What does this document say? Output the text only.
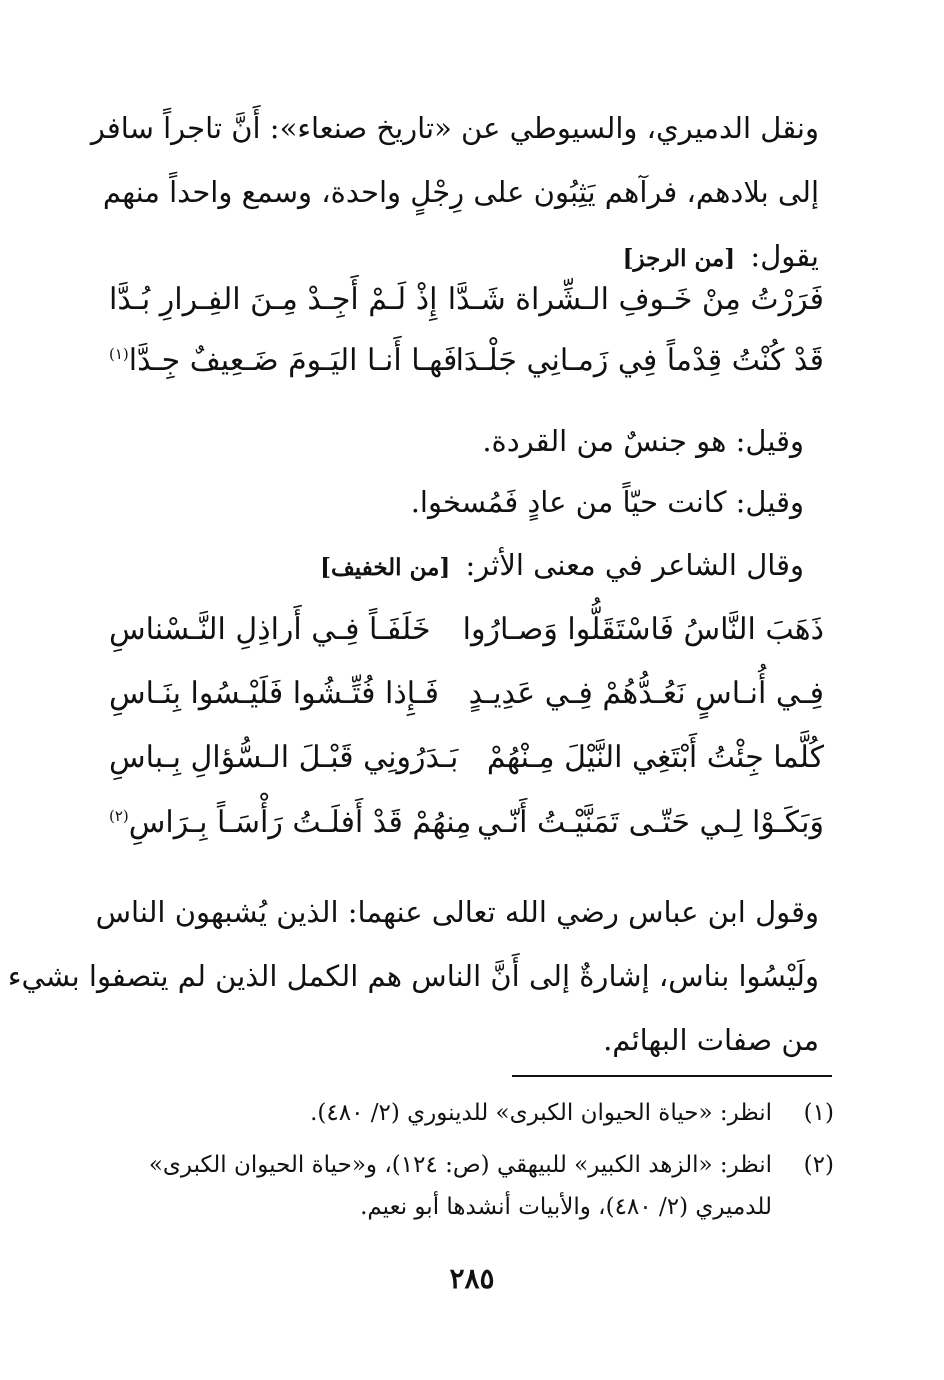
ونقل الدميري، والسيوطي عن «تاريخ صنعاء»: أَنَّ تاجراً سافر
إلى بلادهم، فرآهم يَثِبُون على رِجْلٍ واحدة، وسمع واحداً منهم
يقول: [من الرجز]
فَرَرْتُ مِنْ خَـوفِ الـشِّراة شَـدَّا
إِذْ لَـمْ أَجِـدْ مِـنَ الفِـرارِ بُـدَّا
قَدْ كُنْتُ قِدْماً فِي زَمـانِي جَلْـدَا
فَهـا أَنـا اليَـومَ ضَـعِيفٌ جِـدَّا$^{(١)}$
وقيل: هو جنسٌ من القردة.
وقيل: كانت حيّاً من عادٍ فَمُسخوا.
وقال الشاعر في معنى الأثر: [من الخفيف]
ذَهَبَ النَّاسُ فَاسْتَقَلُّوا وَصـارُوا
خَلَفَـاً فِـي أَراذِلِ النَّـسْناسِ
فِـي أُنـاسٍ نَعُـدُّهُمْ فِـي عَدِيـدٍ
فَـإِذا فُتِّـشُوا فَلَيْـسُوا بِنَـاسِ
كُلَّما جِئْتُ أَبْتَغِي النَّيْلَ مِـنْهُمْ
بَـدَرُونِي قَبْـلَ الـسُّؤالِ بِـباسِ
وَبَكَـوْا لِـي حَتّـى تَمَنَّيْـتُ أَنّـي
مِنهُمْ قَدْ أَفلَـتُ رَأْسَـاً بِـرَاسِ$^{(٢)}$
وقول ابن عباس رضي الله تعالى عنهما: الذين يُشبهون الناس
ولَيْسُوا بناس، إشارةٌ إلى أَنَّ الناس هم الكمل الذين لم يتصفوا بشيء
من صفات البهائم.
(١)انظر: «حياة الحيوان الكبرى» للدينوري (٢/ ٤٨٠).
(٢)انظر: «الزهد الكبير» للبيهقي (ص: ١٢٤)، و«حياة الحيوان الكبرى»
للدميري (٢/ ٤٨٠)، والأبيات أنشدها أبو نعيم.
٢٨٥
